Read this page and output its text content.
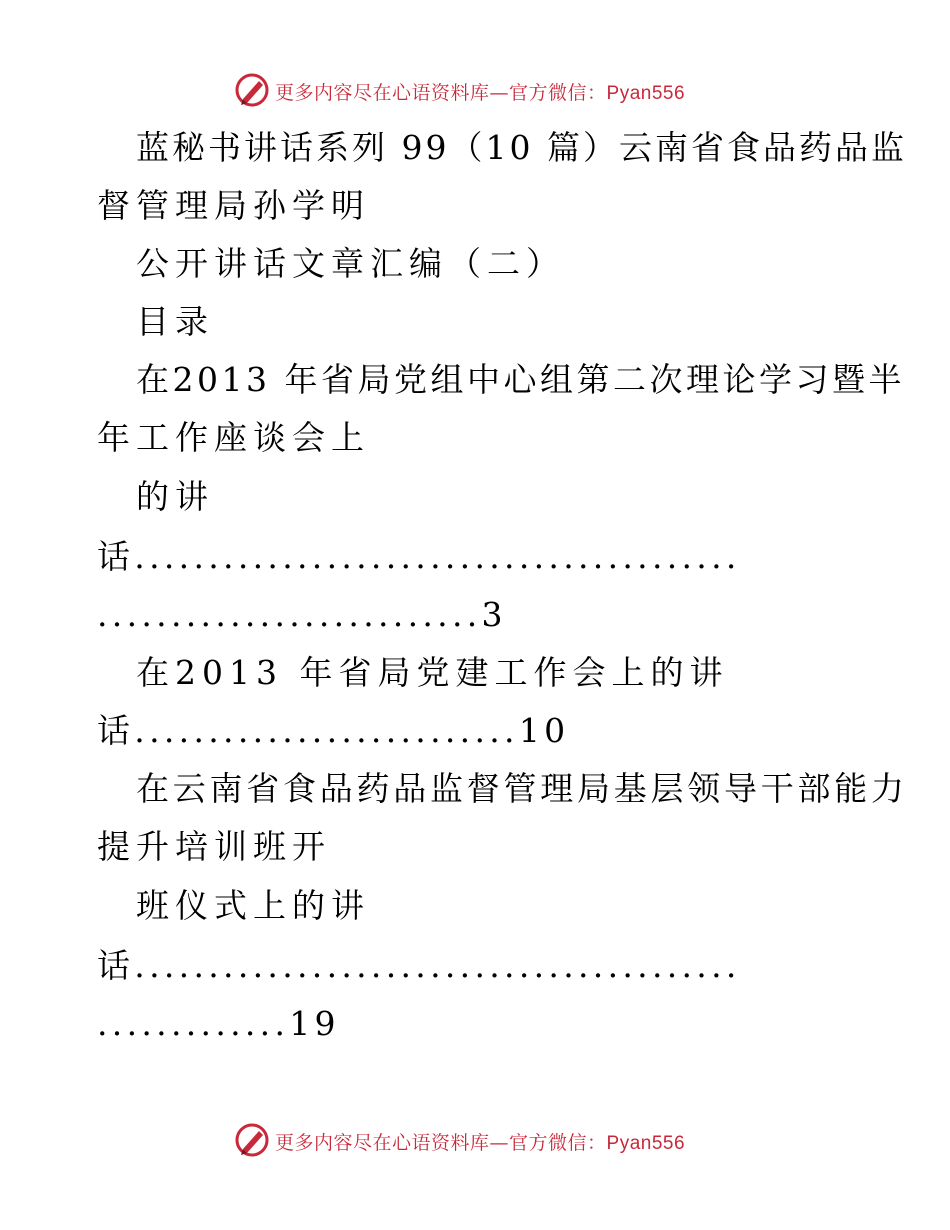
更多内容尽在心语资料库—官方微信：Pyan556
蓝秘书讲话系列 99（10 篇）云南省食品药品监
督管理局孙学明
公开讲话文章汇编（二）
目录
在2013 年省局党组中心组第二次理论学习暨半
年工作座谈会上
的讲
话.........................................
..........................3
在2013 年省局党建工作会上的讲
话..........................10
在云南省食品药品监督管理局基层领导干部能力
提升培训班开
班仪式上的讲
话.........................................
.............19
更多内容尽在心语资料库—官方微信：Pyan556
